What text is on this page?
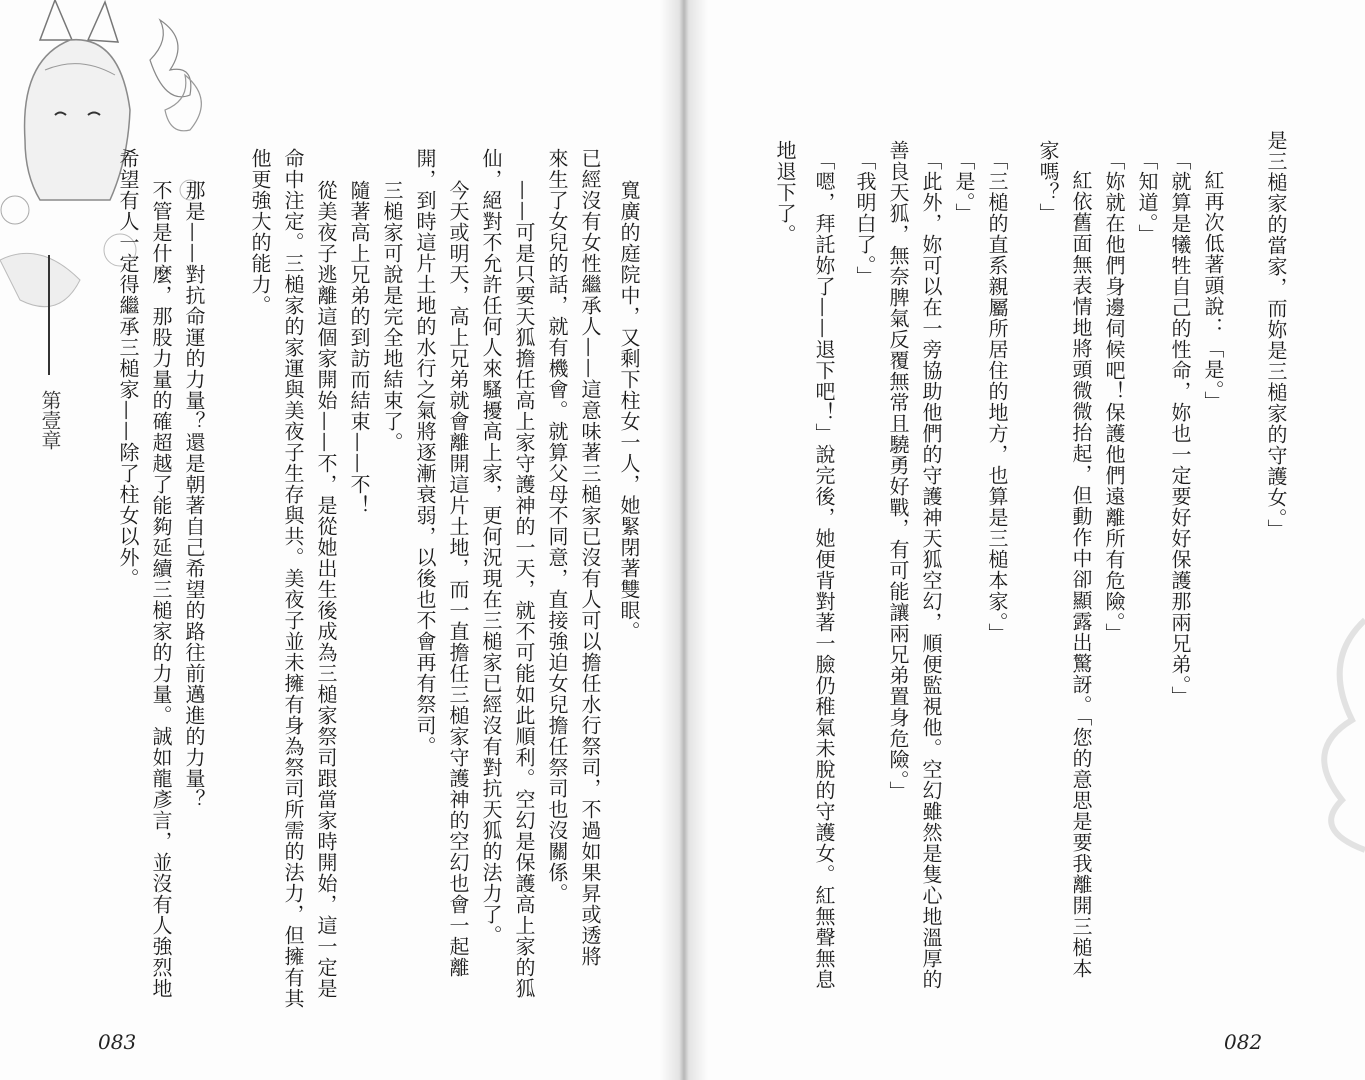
第壹章	寬廣的庭院中，又剩下柱女一人，她緊閉著雙眼。
已經沒有女性繼承人——這意味著三槌家已沒有人可以擔任水行祭司，不過如果昇或透將
來生了女兒的話，就有機會。就算父母不同意，直接強迫女兒擔任祭司也沒關係。
——可是只要天狐擔任高上家守護神的一天，就不可能如此順利。空幻是保護高上家的狐
仙，絕對不允許任何人來騷擾高上家，更何況現在三槌家已經沒有對抗天狐的法力了。
今天或明天，高上兄弟就會離開這片土地，而一直擔任三槌家守護神的空幻也會一起離
開，到時這片土地的水行之氣將逐漸衰弱，以後也不會再有祭司。
三槌家可說是完全地結束了。
隨著高上兄弟的到訪而結束——不！
從美夜子逃離這個家開始——不，是從她出生後成為三槌家祭司跟當家時開始，這一定是
命中注定。三槌家的家運與美夜子生存與共。美夜子並未擁有身為祭司所需的法力，但擁有其
他更強大的能力。
那是——對抗命運的力量？還是朝著自己希望的路往前邁進的力量？
不管是什麼，那股力量的確超越了能夠延續三槌家的力量。誠如龍彥言，並沒有人強烈地
希望有人一定得繼承三槌家——除了柱女以外。
083
是三槌家的當家，而妳是三槌家的守護女。」
紅再次低著頭說：「是。」
「就算是犧牲自己的性命，妳也一定要好好保護那兩兄弟。」
「知道。」
「妳就在他們身邊伺候吧！保護他們遠離所有危險。」
紅依舊面無表情地將頭微微抬起，但動作中卻顯露出驚訝。「您的意思是要我離開三槌本
家嗎？」
「三槌的直系親屬所居住的地方，也算是三槌本家。」
「是。」
「此外，妳可以在一旁協助他們的守護神天狐空幻，順便監視他。空幻雖然是隻心地溫厚的
善良天狐，無奈脾氣反覆無常且驍勇好戰，有可能讓兩兄弟置身危險。」
「我明白了。」
「嗯，拜託妳了——退下吧！」說完後，她便背對著一臉仍稚氣未脫的守護女。紅無聲無息
地退下了。
082
